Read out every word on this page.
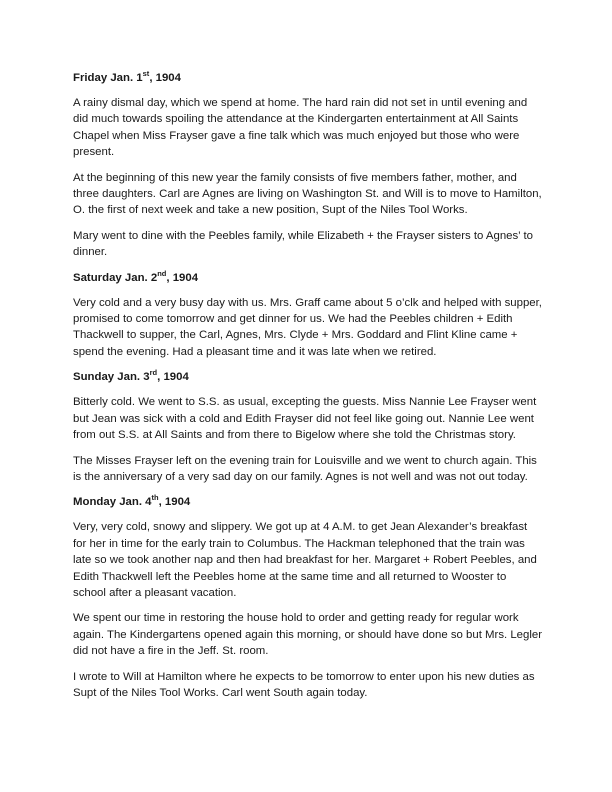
Friday Jan. 1st, 1904

A rainy dismal day, which we spend at home. The hard rain did not set in until evening and did much towards spoiling the attendance at the Kindergarten entertainment at All Saints Chapel when Miss Frayser gave a fine talk which was much enjoyed but those who were present.

At the beginning of this new year the family consists of five members father, mother, and three daughters. Carl are Agnes are living on Washington St. and Will is to move to Hamilton, O. the first of next week and take a new position, Supt of the Niles Tool Works.

Mary went to dine with the Peebles family, while Elizabeth + the Frayser sisters to Agnes’ to dinner.

Saturday Jan. 2nd, 1904

Very cold and a very busy day with us. Mrs. Graff came about 5 o’clk and helped with supper, promised to come tomorrow and get dinner for us. We had the Peebles children + Edith Thackwell to supper, the Carl, Agnes, Mrs. Clyde + Mrs. Goddard and Flint Kline came + spend the evening. Had a pleasant time and it was late when we retired.

Sunday Jan. 3rd, 1904

Bitterly cold. We went to S.S. as usual, excepting the guests. Miss Nannie Lee Frayser went but Jean was sick with a cold and Edith Frayser did not feel like going out. Nannie Lee went from out S.S. at All Saints and from there to Bigelow where she told the Christmas story.

The Misses Frayser left on the evening train for Louisville and we went to church again. This is the anniversary of a very sad day on our family. Agnes is not well and was not out today.

Monday Jan. 4th, 1904

Very, very cold, snowy and slippery. We got up at 4 A.M. to get Jean Alexander’s breakfast for her in time for the early train to Columbus. The Hackman telephoned that the train was late so we took another nap and then had breakfast for her. Margaret + Robert Peebles, and Edith Thackwell left the Peebles home at the same time and all returned to Wooster to school after a pleasant vacation.

We spent our time in restoring the house hold to order and getting ready for regular work again. The Kindergartens opened again this morning, or should have done so but Mrs. Legler did not have a fire in the Jeff. St. room.

I wrote to Will at Hamilton where he expects to be tomorrow to enter upon his new duties as Supt of the Niles Tool Works. Carl went South again today.
